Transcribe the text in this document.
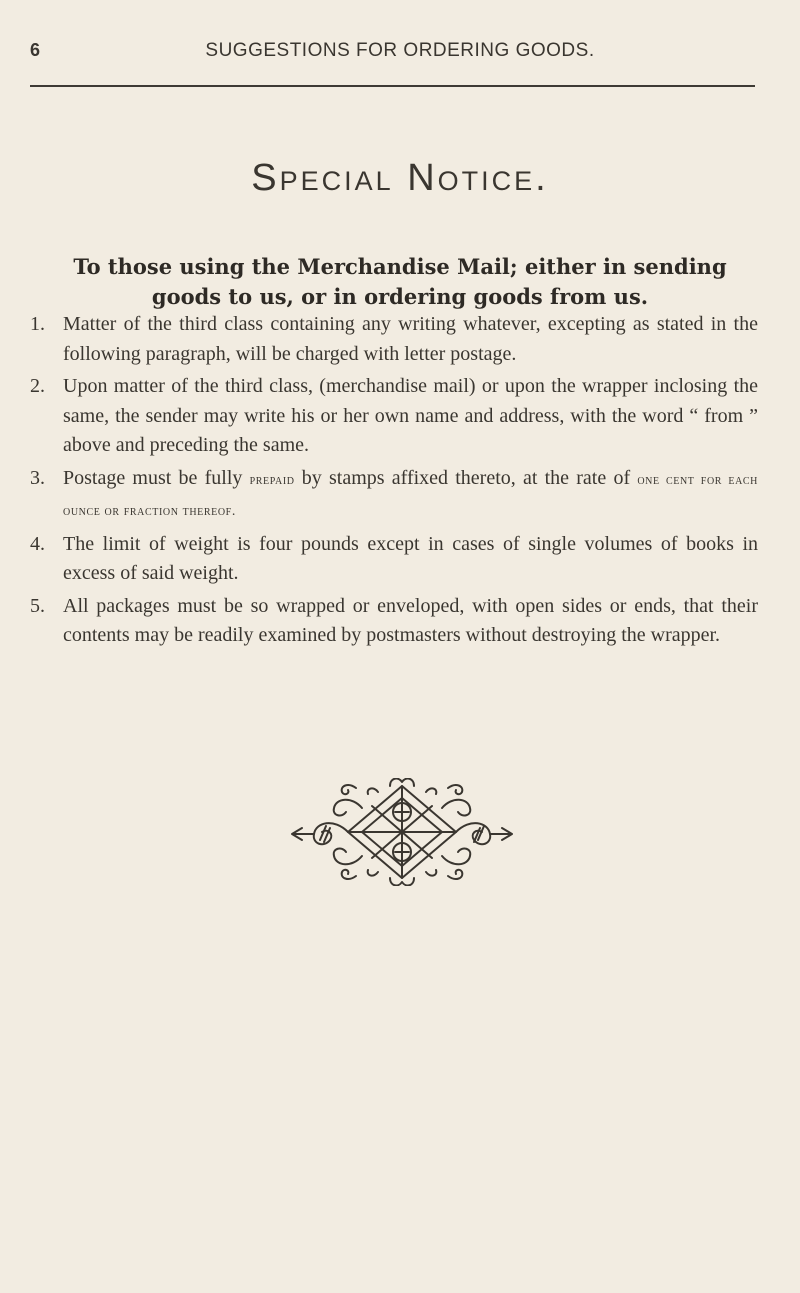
6	SUGGESTIONS FOR ORDERING GOODS.
Special Notice.
To those using the Merchandise Mail; either in sending goods to us, or in ordering goods from us.
1. Matter of the third class containing any writing whatever, excepting as stated in the following paragraph, will be charged with letter postage.
2. Upon matter of the third class, (merchandise mail) or upon the wrapper inclosing the same, the sender may write his or her own name and address, with the word “ from ” above and preceding the same.
3. Postage must be fully prepaid by stamps affixed thereto, at the rate of one cent for each ounce or fraction thereof.
4. The limit of weight is four pounds except in cases of single volumes of books in excess of said weight.
5. All packages must be so wrapped or enveloped, with open sides or ends, that their contents may be readily examined by postmasters without destroying the wrapper.
